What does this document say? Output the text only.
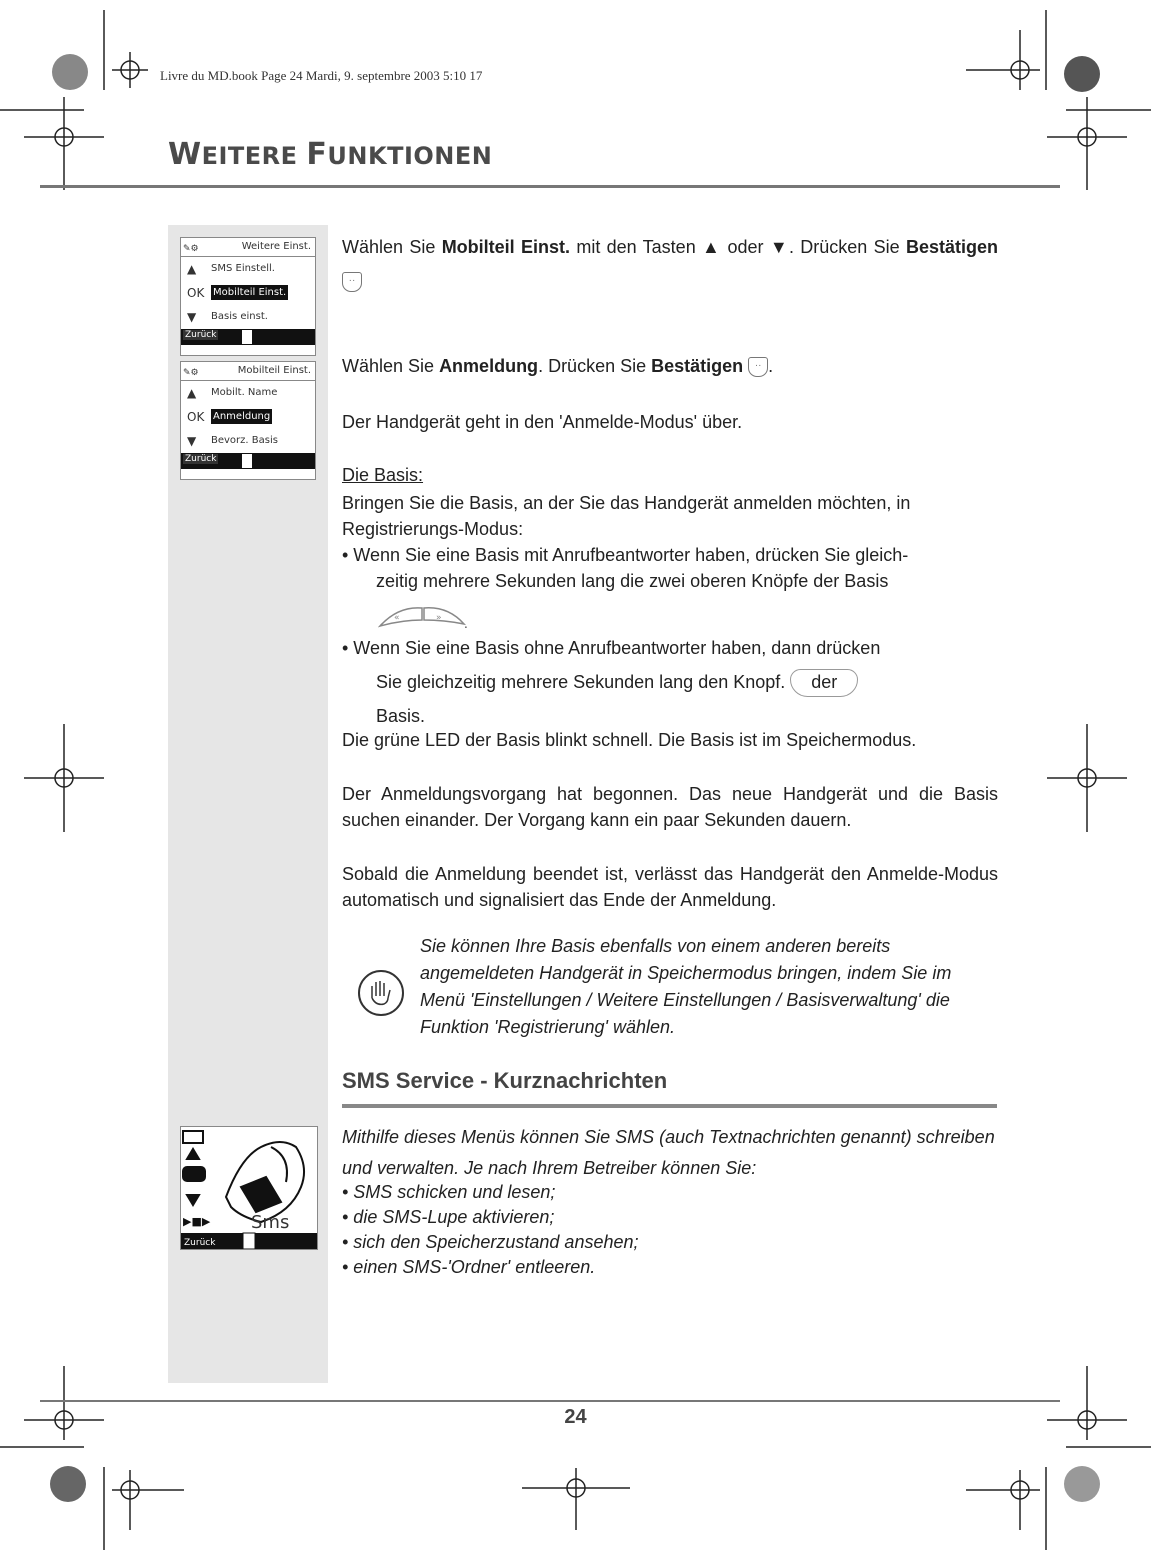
Livre du MD.book Page 24 Mardi, 9. septembre 2003 5:10 17
WEITERE FUNKTIONEN
✎⚙	Weitere Einst.
▲	SMS Einstell.
OK Mobilteil Einst.
▼	Basis einst.
Zurück
✎⚙	Mobilteil Einst.
▲	Mobilt. Name
OK Anmeldung
▼	Bevorz. Basis
Zurück
▶■▶ Sms
Zurück
Wählen Sie Mobilteil Einst. mit den Tasten ▲ oder ▼. Drücken Sie Bestätigen ··
Wählen Sie Anmeldung. Drücken Sie Bestätigen ·· .
Der Handgerät geht in den 'Anmelde-Modus' über.
Die Basis:
Bringen Sie die Basis, an der Sie das Handgerät anmelden möchten, in Registrierungs-Modus:
• Wenn Sie eine Basis mit Anrufbeantworter haben, drücken Sie gleich-
zeitig mehrere Sekunden lang die zwei oberen Knöpfe der Basis
«	» .
• Wenn Sie eine Basis ohne Anrufbeantworter haben, dann drücken
Sie gleichzeitig mehrere Sekunden lang den Knopf. der
Basis.
Die grüne LED der Basis blinkt schnell. Die Basis ist im Speichermodus.
Der Anmeldungsvorgang hat begonnen. Das neue Handgerät und die Basis suchen einander. Der Vorgang kann ein paar Sekunden dauern.
Sobald die Anmeldung beendet ist, verlässt das Handgerät den Anmelde-Modus automatisch und signalisiert das Ende der Anmeldung.
Sie können Ihre Basis ebenfalls von einem anderen bereits angemeldeten Handgerät in Speichermodus bringen, indem Sie im Menü 'Einstellungen / Weitere Einstellungen / Basisverwaltung' die Funktion 'Registrierung' wählen.
SMS Service - Kurznachrichten
Mithilfe dieses Menüs können Sie SMS (auch Textnachrichten genannt) schreiben und verwalten. Je nach Ihrem Betreiber können Sie:
• SMS schicken und lesen;
• die SMS-Lupe aktivieren;
• sich den Speicherzustand ansehen;
• einen SMS-'Ordner' entleeren.
24
